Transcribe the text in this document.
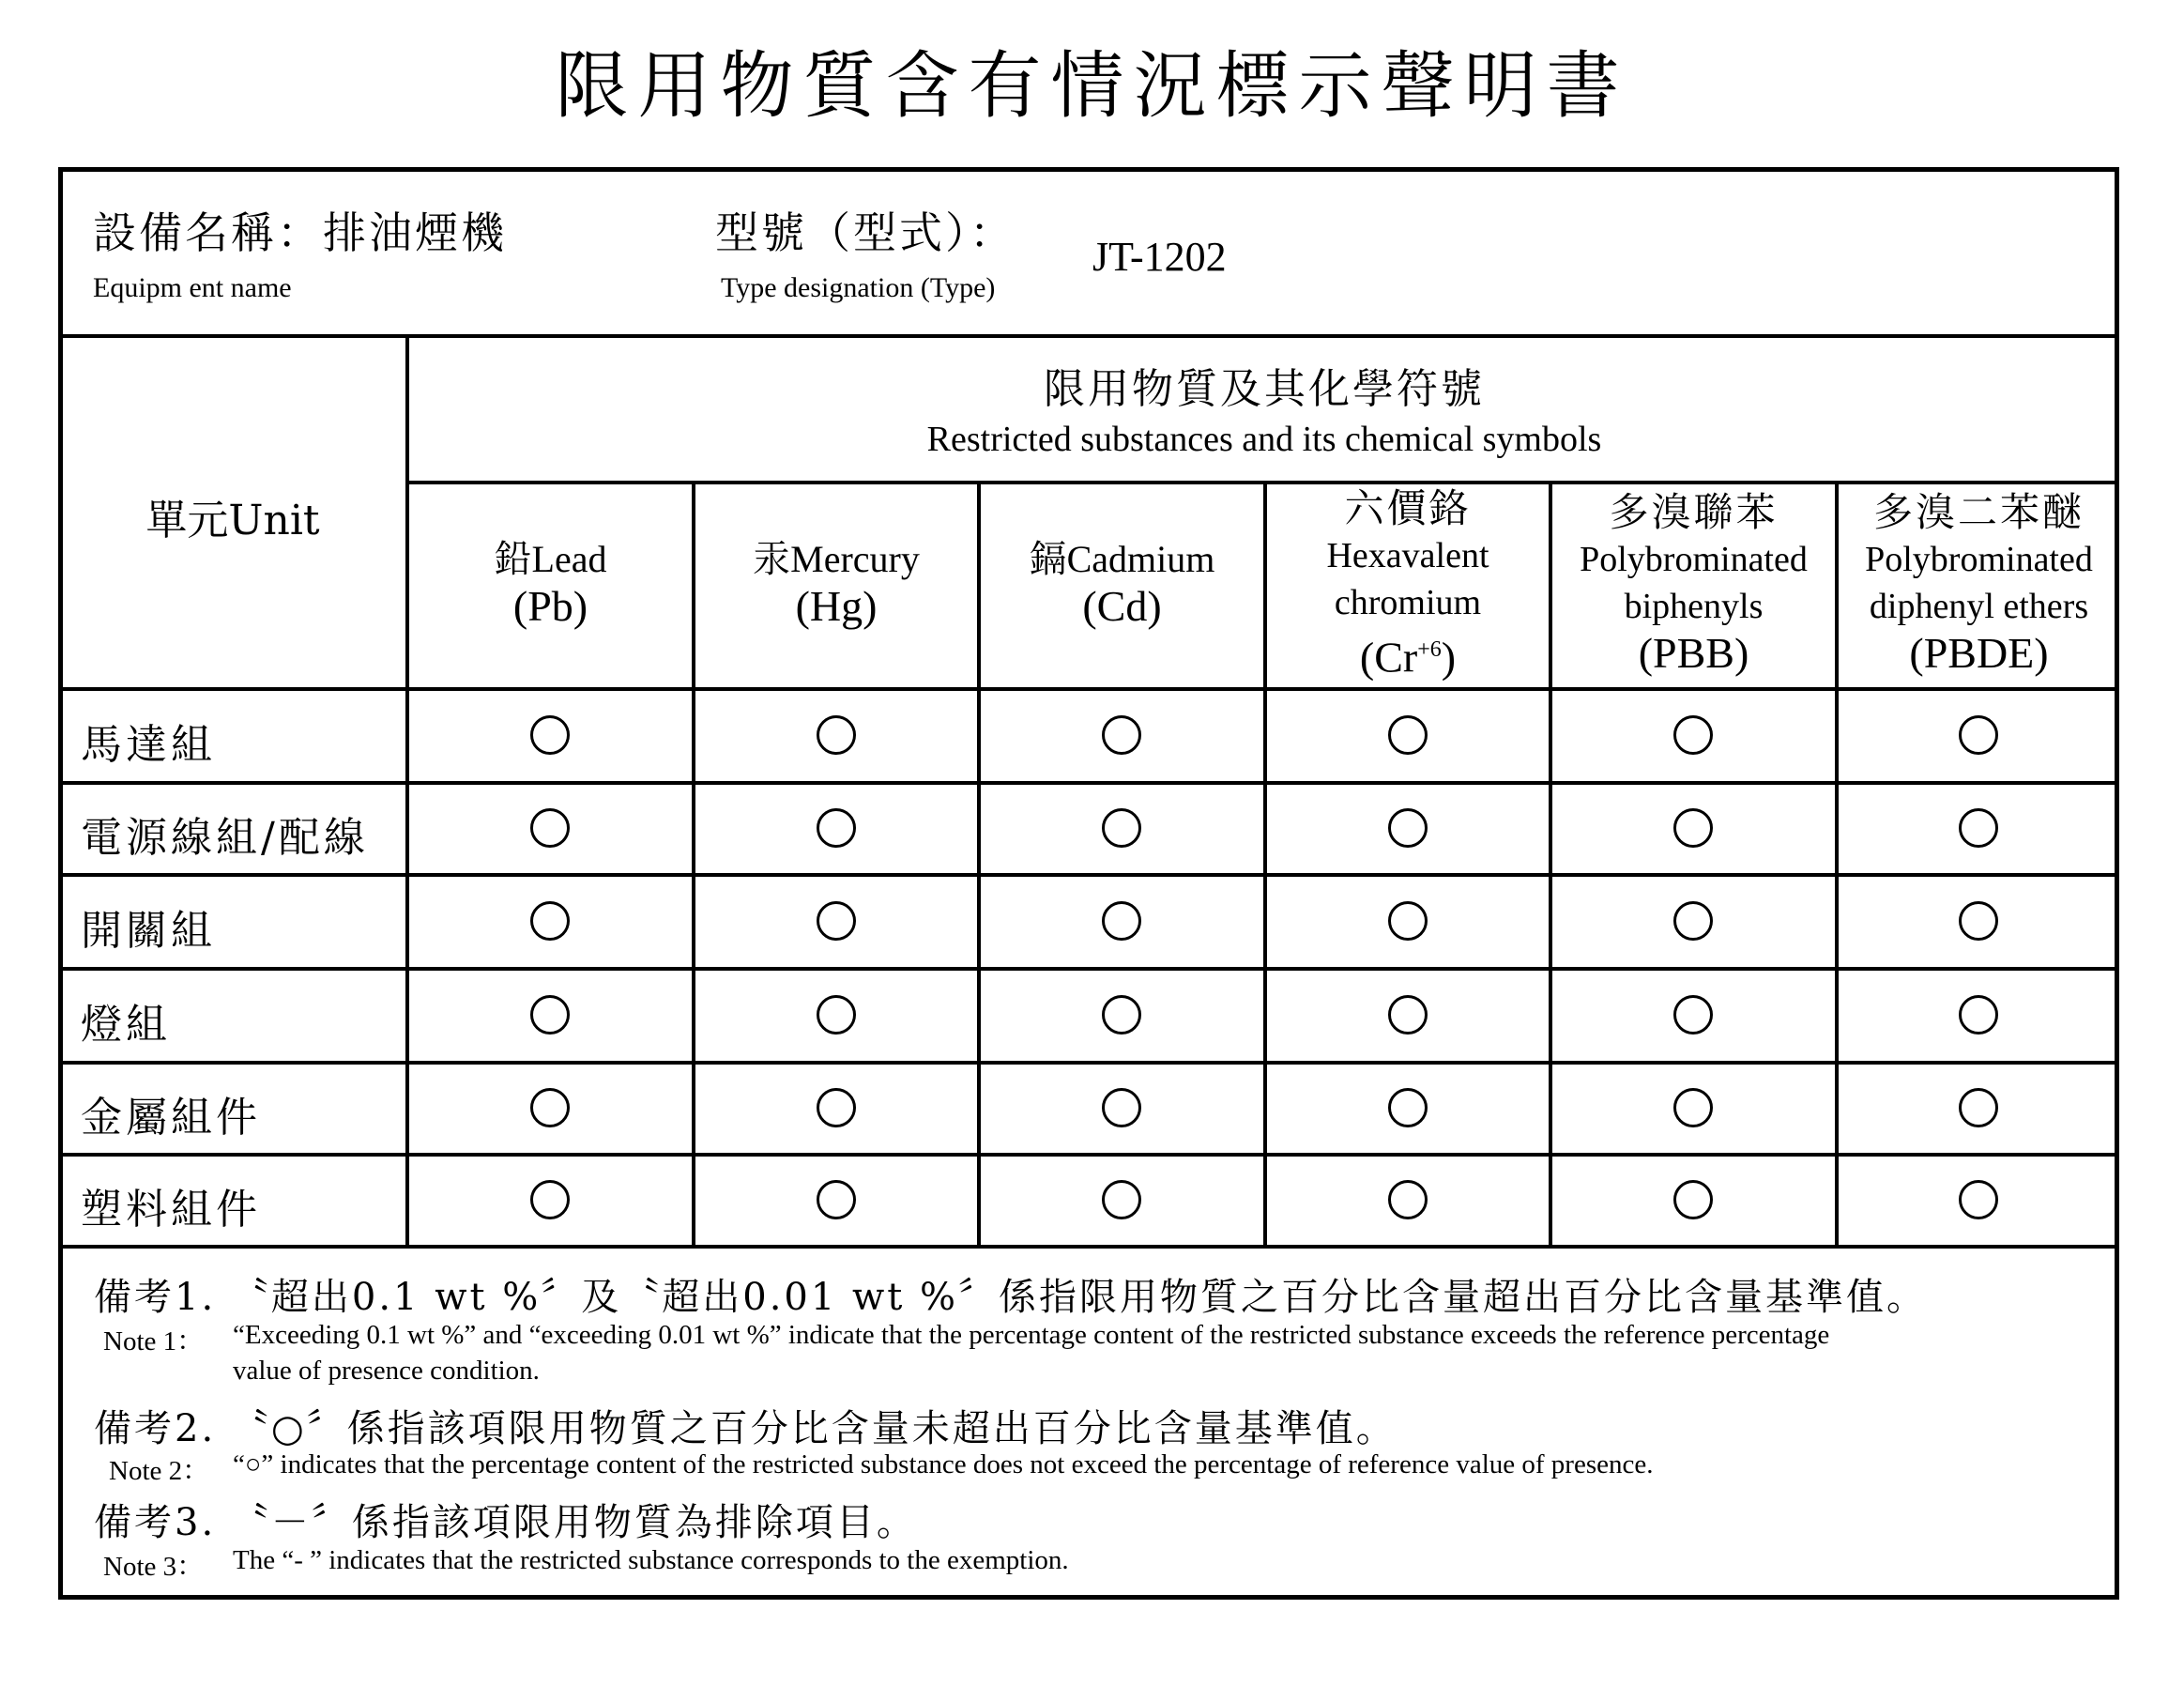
限用物質含有情況標示聲明書
設備名稱：排油煙機
Equipm ent name
型號（型式）：
Type designation (Type)
JT-1202
限用物質及其化學符號
Restricted substances and its chemical symbols
單元Unit
鉛Lead
(Pb)
汞Mercury
(Hg)
鎘Cadmium
(Cd)
六價鉻
Hexavalent
chromium
$(Cr^{+6})$
多溴聯苯
Polybrominated
biphenyls
(PBB)
多溴二苯醚
Polybrominated
diphenyl ethers
(PBDE)
馬達組
電源線組/配線
開關組
燈組
金屬組件
塑料組件
備考1. 〝超出0.1 wt %〞及〝超出0.01 wt %〞係指限用物質之百分比含量超出百分比含量基準值。
Note 1： “Exceeding 0.1 wt %” and “exceeding 0.01 wt %” indicate that the percentage content of the restricted substance exceeds the reference percentage
value of presence condition.
備考2. 〝○〞係指該項限用物質之百分比含量未超出百分比含量基準值。
Note 2： “○” indicates that the percentage content of the restricted substance does not exceed the percentage of reference value of presence.
備考3. 〝－〞係指該項限用物質為排除項目。
Note 3： The “- ” indicates that the restricted substance corresponds to the exemption.
